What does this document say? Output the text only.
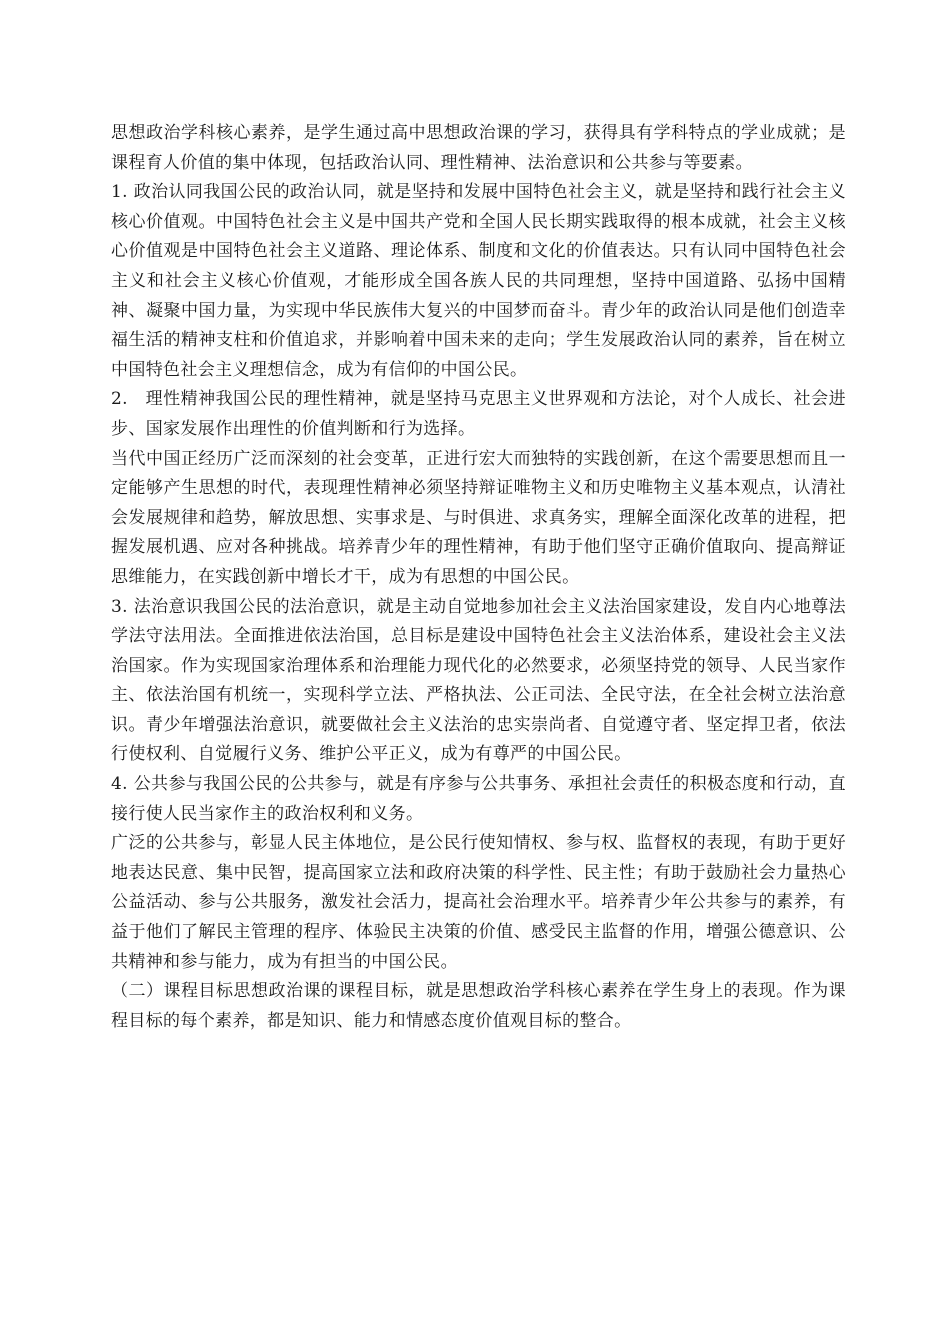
思想政治学科核心素养，是学生通过高中思想政治课的学习，获得具有学科特点的学业成就；是课程育人价值的集中体现，包括政治认同、理性精神、法治意识和公共参与等要素。

1. 政治认同我国公民的政治认同，就是坚持和发展中国特色社会主义，就是坚持和践行社会主义核心价值观。中国特色社会主义是中国共产党和全国人民长期实践取得的根本成就，社会主义核心价值观是中国特色社会主义道路、理论体系、制度和文化的价值表达。只有认同中国特色社会主义和社会主义核心价值观，才能形成全国各族人民的共同理想，坚持中国道路、弘扬中国精神、凝聚中国力量，为实现中华民族伟大复兴的中国梦而奋斗。青少年的政治认同是他们创造幸福生活的精神支柱和价值追求，并影响着中国未来的走向；学生发展政治认同的素养，旨在树立中国特色社会主义理想信念，成为有信仰的中国公民。

2.　理性精神我国公民的理性精神，就是坚持马克思主义世界观和方法论，对个人成长、社会进步、国家发展作出理性的价值判断和行为选择。

当代中国正经历广泛而深刻的社会变革，正进行宏大而独特的实践创新，在这个需要思想而且一定能够产生思想的时代，表现理性精神必须坚持辩证唯物主义和历史唯物主义基本观点，认清社会发展规律和趋势，解放思想、实事求是、与时俱进、求真务实，理解全面深化改革的进程，把握发展机遇、应对各种挑战。培养青少年的理性精神，有助于他们坚守正确价值取向、提高辩证思维能力，在实践创新中增长才干，成为有思想的中国公民。

3. 法治意识我国公民的法治意识，就是主动自觉地参加社会主义法治国家建设，发自内心地尊法学法守法用法。全面推进依法治国，总目标是建设中国特色社会主义法治体系，建设社会主义法治国家。作为实现国家治理体系和治理能力现代化的必然要求，必须坚持党的领导、人民当家作主、依法治国有机统一，实现科学立法、严格执法、公正司法、全民守法，在全社会树立法治意识。青少年增强法治意识，就要做社会主义法治的忠实崇尚者、自觉遵守者、坚定捍卫者，依法行使权利、自觉履行义务、维护公平正义，成为有尊严的中国公民。

4. 公共参与我国公民的公共参与，就是有序参与公共事务、承担社会责任的积极态度和行动，直接行使人民当家作主的政治权利和义务。

广泛的公共参与，彰显人民主体地位，是公民行使知情权、参与权、监督权的表现，有助于更好地表达民意、集中民智，提高国家立法和政府决策的科学性、民主性；有助于鼓励社会力量热心公益活动、参与公共服务，激发社会活力，提高社会治理水平。培养青少年公共参与的素养，有益于他们了解民主管理的程序、体验民主决策的价值、感受民主监督的作用，增强公德意识、公共精神和参与能力，成为有担当的中国公民。

（二）课程目标思想政治课的课程目标，就是思想政治学科核心素养在学生身上的表现。作为课程目标的每个素养，都是知识、能力和情感态度价值观目标的整合。
